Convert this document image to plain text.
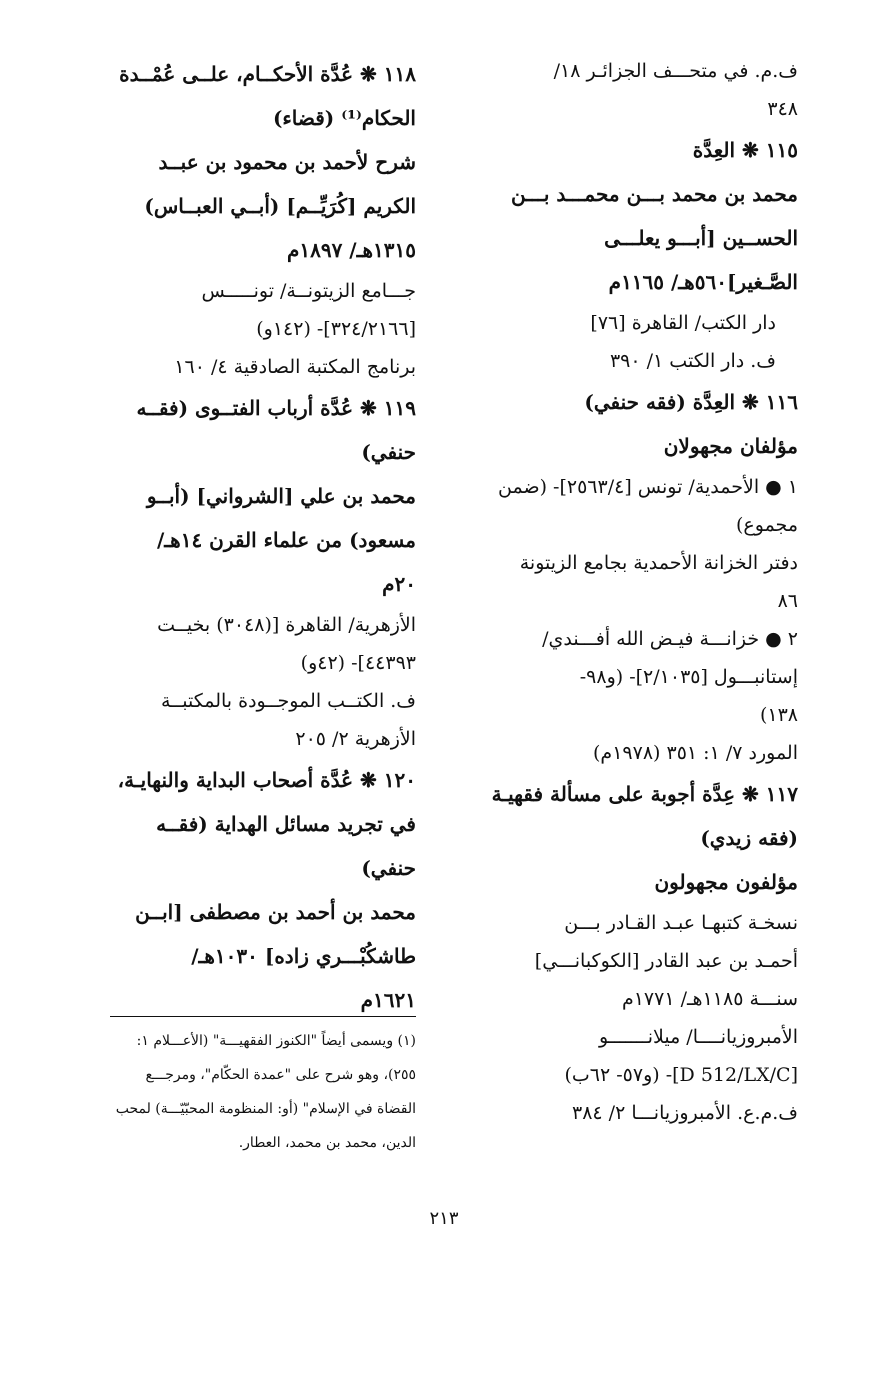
ف.م. في متحـــف الجزائـر ١٨/
٣٤٨
١١٥ ❋ العِدَّة
محمد بن محمد بـــن محمـــد بـــن
الحســين [أبـــو يعلـــى
الصَّـغير]٥٦٠هـ/ ١١٦٥م
دار الكتب/ القاهرة [٧٦]
ف. دار الكتب ١/ ٣٩٠
١١٦ ❋ العِدَّة (فقه حنفي)
مؤلفان مجهولان
١ ● الأحمدية/ تونس [٢٥٦٣/٤]- (ضمن
مجموع)
دفتر الخزانة الأحمدية بجامع الزيتونة
٨٦
٢ ● خزانـــة فيـض الله أفـــندي/
إستانبـــول [٢/١٠٣٥]- (و٩٨-
١٣٨)
المورد ٧/ ١: ٣٥١ (١٩٧٨م)
١١٧ ❋ عِدَّة أجوبة على مسألة فقهيـة
(فقه زيدي)
مؤلفون مجهولون
نسخـة كتبهـا عبـد القـادر بـــن
أحمـد بن عبد القادر [الكوكبانـــي]
سنـــة ١١٨٥هـ/ ١٧٧١م
الأمبروزيانــــا/ ميلانـــــــو
[D 512/LX/C]- (و٥٧- ٦٢ب)
ف.م.ع. الأمبروزيانـــا ٢/ ٣٨٤
١١٨ ❋ عُدَّة الأحكــام، علــى عُمْــدة
الحكام⁽¹⁾ (قضاء)
شرح لأحمد بن محمود بن عبــد
الكريم [كُرَيِّــم] (أبــي العبــاس)
١٣١٥هـ/ ١٨٩٧م
جـــامع الزيتونــة/ تونـــــس
[٣٢٤/٢١٦٦]- (١٤٢و)
برنامج المكتبة الصادقية ٤/ ١٦٠
١١٩ ❋ عُدَّة أرباب الفتــوى (فقــه
حنفي)
محمد بن علي [الشرواني] (أبــو
مسعود) من علماء القرن ١٤هـ/
٢٠م
الأزهرية/ القاهرة [(٣٠٤٨) بخيــت
٤٤٣٩٣]- (٤٢و)
ف. الكتــب الموجــودة بالمكتبــة
الأزهرية ٢/ ٢٠٥
١٢٠ ❋ عُدَّة أصحاب البداية والنهايـة،
في تجريد مسائل الهداية (فقــه
حنفي)
محمد بن أحمد بن مصطفى [ابــن
طاشكُبْـــري زاده] ١٠٣٠هـ/
١٦٢١م
(١) ويسمى أيضاً "الكنوز الفقهيـــة" (الأعـــلام ١:
٢٥٥)، وهو شرح على "عمدة الحكّام"، ومرجـــع
القضاة في الإسلام" (أو: المنظومة المحبّيّـــة) لمحب
الدين، محمد بن محمد، العطار.
٢١٣
